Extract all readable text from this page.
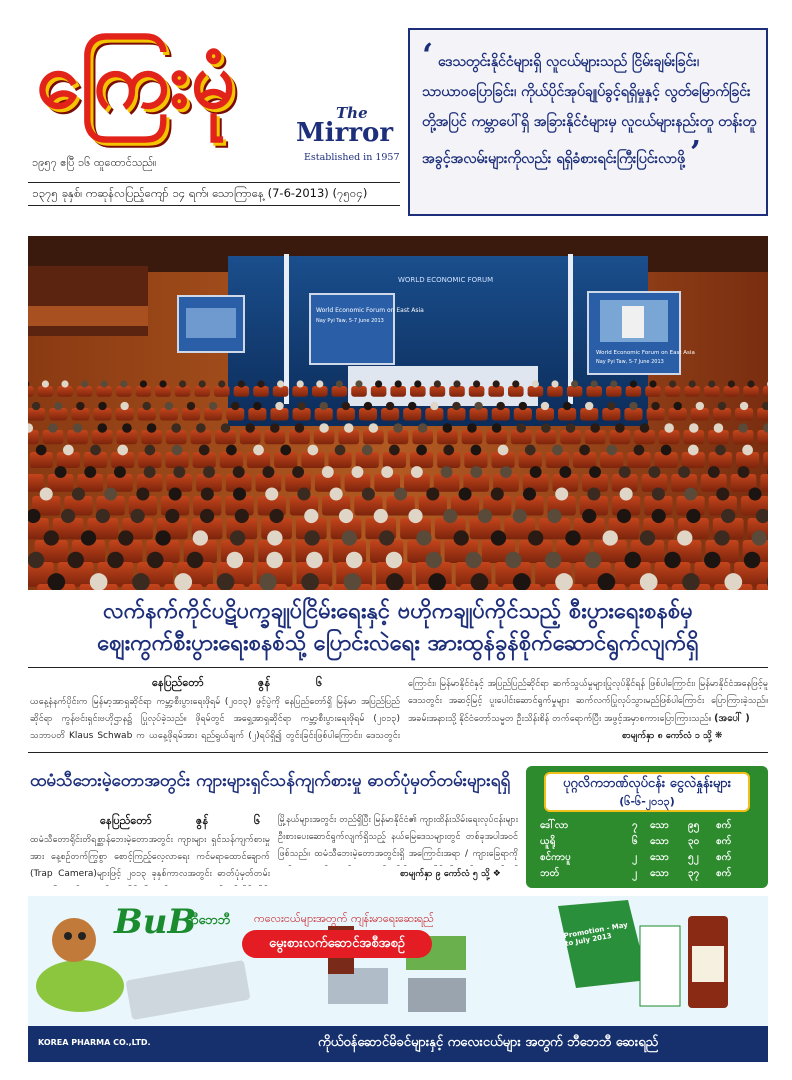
ကြေးမုံ	The
Mirror
Established in 1957
၁၉၅၇ ဧပြီ ၁၆ ထူထောင်သည်။
၁၃၇၅ ခုနှစ်၊ ကဆုန်လပြည့်ကျော် ၁၄ ရက်၊ သောကြာနေ့ (7-6-2013) (၇၅၀၄)
‘ ဒေသတွင်းနိုင်ငံများရှိ လူငယ်များသည် ငြိမ်းချမ်းခြင်း၊ သာယာဝပြောခြင်း၊ ကိုယ်ပိုင်အုပ်ချုပ်ခွင့်ရရှိမှုနှင့် လွတ်မြောက်ခြင်းတို့အပြင် ကမ္ဘာပေါ်ရှိ အခြားနိုင်ငံများမှ လူငယ်များနည်းတူ တန်းတူအခွင့်အလမ်းများကိုလည်း ရရှိခံစားရင်းကြီးပြင်းလာဖို့ ’
World Economic Forum on East Asia
Nay Pyi Taw, 5-7 June 2013
World Economic Forum on East Asia
Nay Pyi Taw, 5-7 June 2013
WORLD ECONOMIC FORUM
လက်နက်ကိုင်ပဋိပက္ခချုပ်ငြိမ်းရေးနှင့် ဗဟိုကချုပ်ကိုင်သည့် စီးပွားရေးစနစ်မှ
ဈေးကွက်စီးပွားရေးစနစ်သို့ ပြောင်းလဲရေး အားထွန်ခွန်စိုက်ဆောင်ရွက်လျက်ရှိ
နေပြည်တော်	ဇွန်	၆
ယနေ့နံနက်ပိုင်းက မြန်မာ့အာရှဆိုင်ရာ ကမ္ဘာ့စီးပွားရေးဖိုရမ် (၂၀၁၃) ဖွင့်ပွဲကို နေပြည်တော်ရှိ မြန်မာ အပြည်ပြည်ဆိုင်ရာ ကွန်ဗင်းရှင်းဗဟိုဌာန၌ ပြုလုပ်ခဲ့သည်။ ဖိုရမ်တွင် အရှေ့အာရှဆိုင်ရာ ကမ္ဘာ့စီးပွားရေးဖိုရမ် (၂၀၁၃) သဘာပတိ Klaus Schwab က ယနေ့ဖိုရမ်အား ရည်ရွယ်ချက် (၂)ရပ်ရှိ၍ တွင်းခြင်းဖြစ်ပါကြောင်း၊ ဒေသတွင်း
ကြောင်း၊ မြန်မာနိုင်ငံနှင့် အပြည်ပြည်ဆိုင်ရာ ဆက်သွယ်မှုများပြုလုပ်နိုင်ရန် ဖြစ်ပါကြောင်း၊ မြန်မာနိုင်ငံအနေဖြင့်မူ ဒေသတွင်း အဆင့်မြင့် ပူးပေါင်းဆောင်ရွက်မှုများ ဆက်လက်ပြုလုပ်သွားမည်ဖြစ်ပါကြောင်း ပြောကြားခဲ့သည်။ အခမ်းအနားသို့ နိုင်ငံတော်သမ္မတ ဦးသိန်းစိန် တက်ရောက်ပြီး အဖွင့်အမှာစကားပြောကြားသည်။ (အပေါ် )
စာမျက်နှာ ၈ ကော်လံ ၁ သို့ ❋
ထမံသီဘေးမဲ့တောအတွင်း ကျားများရှင်သန်ကျက်စားမှု ဓာတ်ပုံမှတ်တမ်းများရရှိ
နေပြည်တော်	ဇွန်	၆
ထမံသီတောရိုင်းတိရစ္ဆာန်ဘေးမဲ့တောအတွင်း ကျားများ ရှင်သန်ကျက်စားမှုအား နေ့စဉ်တက်ကြွစွာ စောင့်ကြည့်လေ့လာရေး ကင်မရာထောင်ချောက် (Trap Camera)များဖြင့် ၂၀၁၃ ခုနှစ်ကာလအတွင်း ဓာတ်ပုံမှတ်တမ်း
မြို့နယ်များအတွင်း တည်ရှိပြီး မြန်မာနိုင်ငံ၏ ကျားထိန်းသိမ်းရေးလုပ်ငန်းများ ဦးစားပေးဆောင်ရွက်လျက်ရှိသည့် နယ်မြေဒေသများတွင် တစ်ခုအပါအဝင် ဖြစ်သည်။ ထမံသီဘေးမဲ့တောအတွင်းရှိ အကြောင်းအရာ / ကျားခြေရာကို
စာမျက်နှာ ၉ ကော်လံ ၅ သို့ ❖
ပုဂ္ဂလိကဘဏ်လုပ်ငန်း ငွေလဲနှုန်းများ
(၆-၆-၂၀၁၃)
ဒေါ်လာ	၇ သော ၉၅ စက်
ယူရို	၆ သော ၃၀ စက်
စင်ကာပူ	၂ သော ၅၂ စက်
ဘတ်	၂ သော ၃၇ စက်
BuB
ဘီဘေဘီ ကလေးငယ်များအတွက် ကျန်းမာရေးဆေးရည်
မွေးစားလက်ဆောင်အစီအစဉ်
Promotion - May to July 2013
KOREA PHARMA CO.,LTD.	ကိုယ်ဝန်ဆောင်မိခင်များနှင့် ကလေးငယ်များ အတွက် ဘီဘေဘီ ဆေးရည်
